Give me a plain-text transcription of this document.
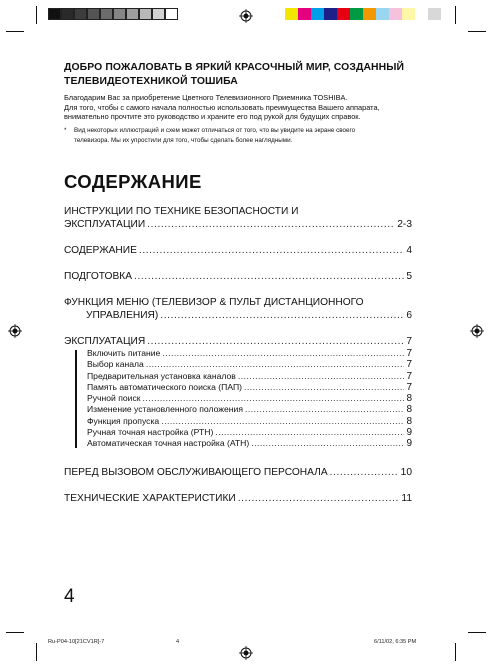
ДОБРО ПОЖАЛОВАТЬ В ЯРКИЙ КРАСОЧНЫЙ МИР, СОЗДАННЫЙ ТЕЛЕВИДЕОТЕХНИКОЙ ТОШИБА
Благодарим Вас за приобретение Цветного Телевизионного Приемника TOSHIBA.
Для того, чтобы с самого начала полностью использовать преимущества Вашего аппарата,
внимательно прочтите это руководство и храните его под рукой для будущих справок.
*	Вид некоторых иллюстраций и схем может отличаться от того, что вы увидите на экране своего
телевизора. Мы их упростили для того, чтобы сделать более наглядными.
СОДЕРЖАНИЕ
ИНСТРУКЦИИ ПО ТЕХНИКЕ БЕЗОПАСНОСТИ И
ЭКСПЛУАТАЦИИ .....	2-3
СОДЕРЖАНИЕ .....	4
ПОДГОТОВКА .....	5
ФУНКЦИЯ МЕНЮ (ТЕЛЕВИЗОР & ПУЛЬТ ДИСТАНЦИОННОГО
УПРАВЛЕНИЯ) .....	6
ЭКСПЛУАТАЦИЯ .....	7
Включить питание .....	7
Выбор канала .....	7
Предварительная установка каналов .....	7
Память автоматического поиска (ПАП) .....	7
Ручной поиск .....	8
Изменение установленного положения .....	8
Функция пропуска .....	8
Ручная точная настройка (РТН) .....	9
Автоматическая точная настройка (АТН) .....	9
ПЕРЕД ВЫЗОВОМ ОБСЛУЖИВАЮЩЕГО ПЕРСОНАЛА .....	10
ТЕХНИЧЕСКИЕ ХАРАКТЕРИСТИКИ .....	11
4
Ru-P04-10[21CV1R]-7	4	6/11/02, 6:35 PM
